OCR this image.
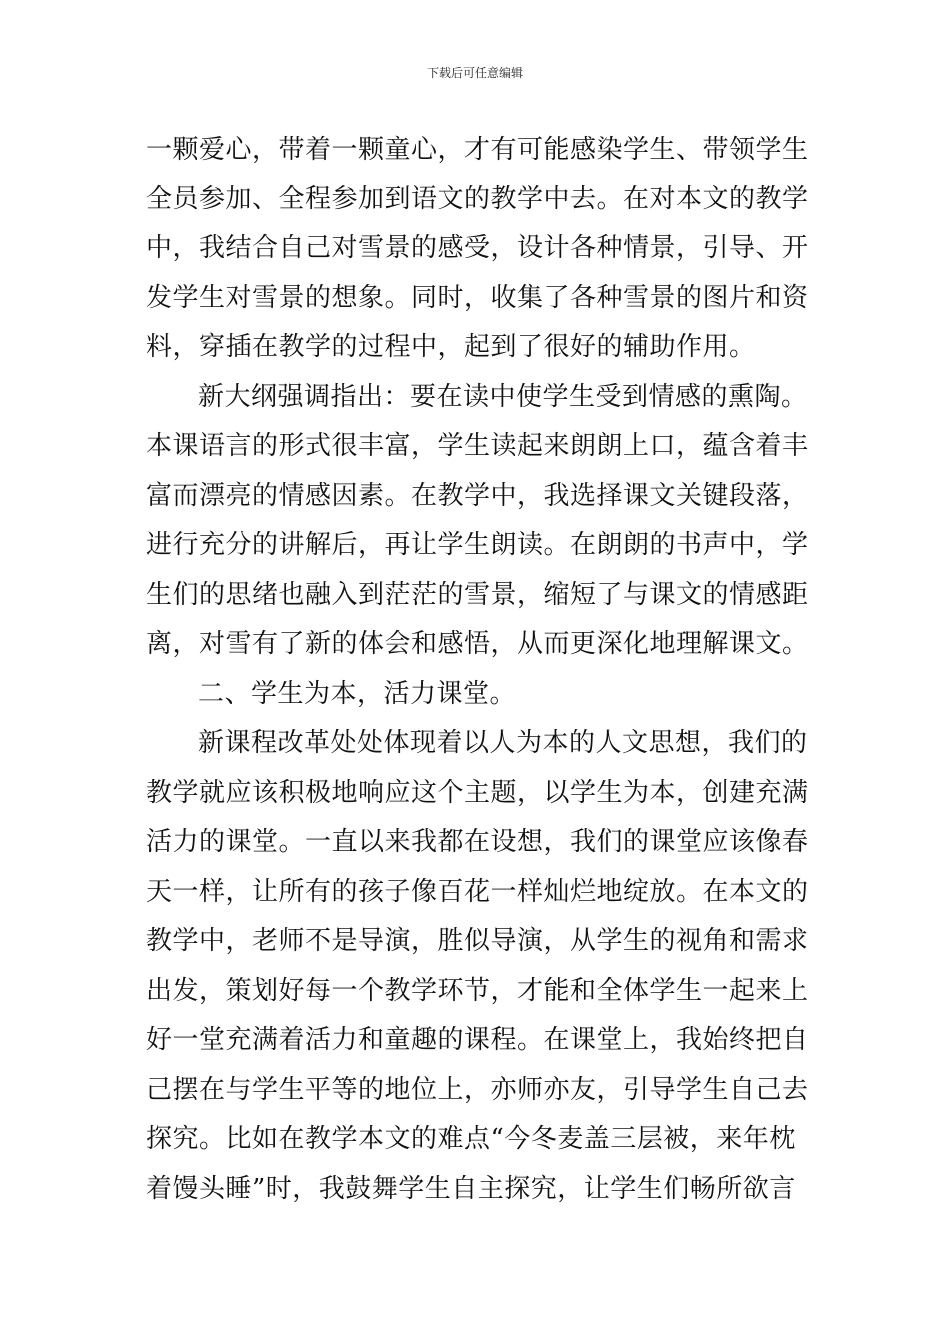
下载后可任意编辑
一颗爱心，带着一颗童心，才有可能感染学生、带领学生
全员参加、全程参加到语文的教学中去。在对本文的教学
中，我结合自己对雪景的感受，设计各种情景，引导、开
发学生对雪景的想象。同时，收集了各种雪景的图片和资
料，穿插在教学的过程中，起到了很好的辅助作用。
新大纲强调指出：要在读中使学生受到情感的熏陶。
本课语言的形式很丰富，学生读起来朗朗上口，蕴含着丰
富而漂亮的情感因素。在教学中，我选择课文关键段落，
进行充分的讲解后，再让学生朗读。在朗朗的书声中，学
生们的思绪也融入到茫茫的雪景，缩短了与课文的情感距
离，对雪有了新的体会和感悟，从而更深化地理解课文。
二、学生为本，活力课堂。
新课程改革处处体现着以人为本的人文思想，我们的
教学就应该积极地响应这个主题，以学生为本，创建充满
活力的课堂。一直以来我都在设想，我们的课堂应该像春
天一样，让所有的孩子像百花一样灿烂地绽放。在本文的
教学中，老师不是导演，胜似导演，从学生的视角和需求
出发，策划好每一个教学环节，才能和全体学生一起来上
好一堂充满着活力和童趣的课程。在课堂上，我始终把自
己摆在与学生平等的地位上，亦师亦友，引导学生自己去
探究。比如在教学本文的难点“今冬麦盖三层被，来年枕
着馒头睡”时，我鼓舞学生自主探究，让学生们畅所欲言
